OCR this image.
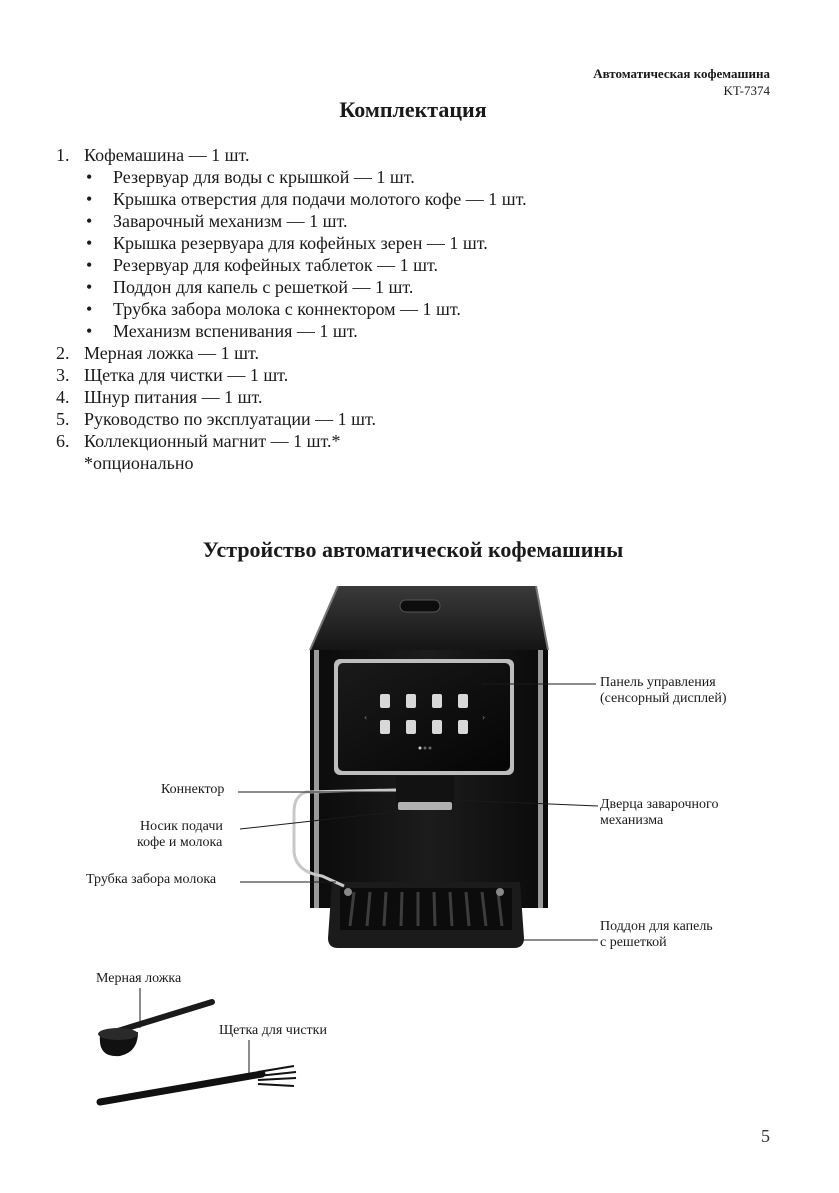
Автоматическая кофемашина
KT-7374
Комплектация
1. Кофемашина — 1 шт.
• Резервуар для воды с крышкой — 1 шт.
• Крышка отверстия для подачи молотого кофе — 1 шт.
• Заварочный механизм — 1 шт.
• Крышка резервуара для кофейных зерен — 1 шт.
• Резервуар для кофейных таблеток — 1 шт.
• Поддон для капель с решеткой — 1 шт.
• Трубка забора молока с коннектором — 1 шт.
• Механизм вспенивания — 1 шт.
2. Мерная ложка — 1 шт.
3. Щетка для чистки — 1 шт.
4. Шнур питания — 1 шт.
5. Руководство по эксплуатации — 1 шт.
6. Коллекционный магнит — 1 шт.*
*опционально
Устройство автоматической кофемашины
‹	›
Панель управления
(сенсорный дисплей)
Коннектор
Носик подачи
кофе и молока
Дверца заварочного
механизма
Трубка забора молока
Поддон для капель
с решеткой
Мерная ложка
Щетка для чистки
5
